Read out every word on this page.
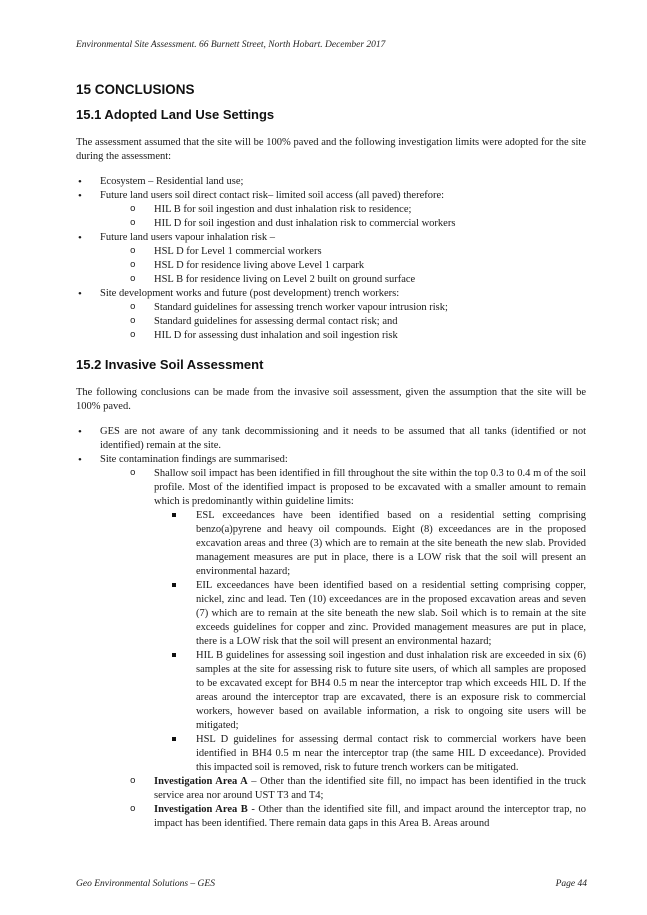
Environmental Site Assessment. 66 Burnett Street, North Hobart. December 2017
15 CONCLUSIONS
15.1 Adopted Land Use Settings

The assessment assumed that the site will be 100% paved and the following investigation limits were adopted for the site during the assessment:

• Ecosystem – Residential land use;
• Future land users soil direct contact risk– limited soil access (all paved) therefore:
o HIL B for soil ingestion and dust inhalation risk to residence;
o HIL D for soil ingestion and dust inhalation risk to commercial workers
• Future land users vapour inhalation risk –
o HSL D for Level 1 commercial workers
o HSL D for residence living above Level 1 carpark
o HSL B for residence living on Level 2 built on ground surface
• Site development works and future (post development) trench workers:
o Standard guidelines for assessing trench worker vapour intrusion risk;
o Standard guidelines for assessing dermal contact risk; and
o HIL D for assessing dust inhalation and soil ingestion risk
15.2 Invasive Soil Assessment

The following conclusions can be made from the invasive soil assessment, given the assumption that the site will be 100% paved.

• GES are not aware of any tank decommissioning and it needs to be assumed that all tanks (identified or not identified) remain at the site.
• Site contamination findings are summarised:
o Shallow soil impact has been identified in fill throughout the site within the top 0.3 to 0.4 m of the soil profile. Most of the identified impact is proposed to be excavated with a smaller amount to remain which is predominantly within guideline limits:
ESL exceedances have been identified based on a residential setting comprising benzo(a)pyrene and heavy oil compounds. Eight (8) exceedances are in the proposed excavation areas and three (3) which are to remain at the site beneath the new slab. Provided management measures are put in place, there is a LOW risk that the soil will present an environmental hazard;
EIL exceedances have been identified based on a residential setting comprising copper, nickel, zinc and lead. Ten (10) exceedances are in the proposed excavation areas and seven (7) which are to remain at the site beneath the new slab. Soil which is to remain at the site exceeds guidelines for copper and zinc. Provided management measures are put in place, there is a LOW risk that the soil will present an environmental hazard;
HIL B guidelines for assessing soil ingestion and dust inhalation risk are exceeded in six (6) samples at the site for assessing risk to future site users, of which all samples are proposed to be excavated except for BH4 0.5 m near the interceptor trap which exceeds HIL D. If the areas around the interceptor trap are excavated, there is an exposure risk to commercial workers, however based on available information, a risk to ongoing site users will be mitigated;
HSL D guidelines for assessing dermal contact risk to commercial workers have been identified in BH4 0.5 m near the interceptor trap (the same HIL D exceedance). Provided this impacted soil is removed, risk to future trench workers can be mitigated.
o Investigation Area A – Other than the identified site fill, no impact has been identified in the truck service area nor around UST T3 and T4;
o Investigation Area B - Other than the identified site fill, and impact around the interceptor trap, no impact has been identified. There remain data gaps in this Area B. Areas around
Geo Environmental Solutions – GES	Page 44
